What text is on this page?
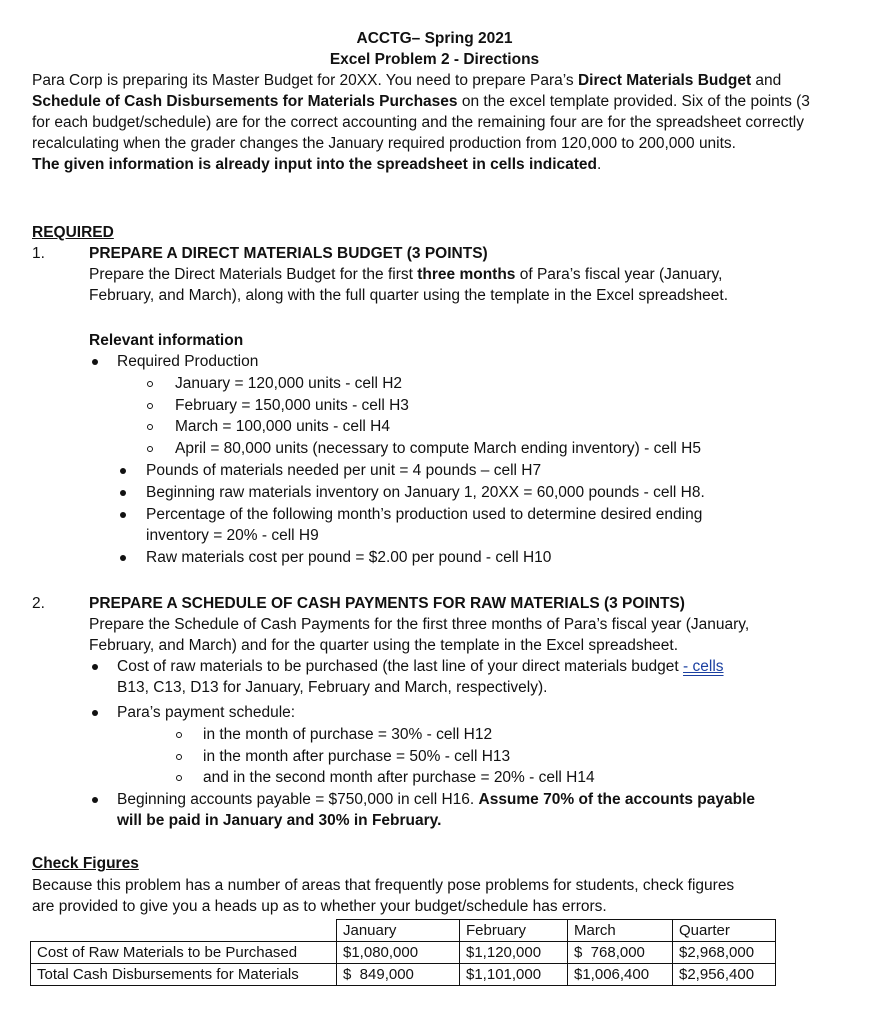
ACCTG– Spring 2021
Excel Problem 2 - Directions
Para Corp is preparing its Master Budget for 20XX. You need to prepare Para’s Direct Materials Budget and Schedule of Cash Disbursements for Materials Purchases on the excel template provided. Six of the points (3 for each budget/schedule) are for the correct accounting and the remaining four are for the spreadsheet correctly recalculating when the grader changes the January required production from 120,000 to 200,000 units.
The given information is already input into the spreadsheet in cells indicated.
REQUIRED
1.	PREPARE A DIRECT MATERIALS BUDGET (3 POINTS)
Prepare the Direct Materials Budget for the first three months of Para’s fiscal year (January,
February, and March), along with the full quarter using the template in the Excel spreadsheet.
Relevant information
Required Production
January = 120,000 units - cell H2
February = 150,000 units - cell H3
March = 100,000 units - cell H4
April = 80,000 units (necessary to compute March ending inventory) - cell H5
Pounds of materials needed per unit = 4 pounds – cell H7
Beginning raw materials inventory on January 1, 20XX = 60,000 pounds - cell H8.
Percentage of the following month’s production used to determine desired ending
inventory = 20% - cell H9
Raw materials cost per pound = $2.00 per pound - cell H10
2.	PREPARE A SCHEDULE OF CASH PAYMENTS FOR RAW MATERIALS (3 POINTS)
Prepare the Schedule of Cash Payments for the first three months of Para’s fiscal year (January,
February, and March) and for the quarter using the template in the Excel spreadsheet.
Cost of raw materials to be purchased (the last line of your direct materials budget - cells
B13, C13, D13 for January, February and March, respectively).
Para’s payment schedule:
in the month of purchase = 30% - cell H12
in the month after purchase = 50% - cell H13
and in the second month after purchase = 20% - cell H14
Beginning accounts payable = $750,000 in cell H16. Assume 70% of the accounts payable
will be paid in January and 30% in February.
Check Figures
Because this problem has a number of areas that frequently pose problems for students, check figures
are provided to give you a heads up as to whether your budget/schedule has errors.
	January	February	March	Quarter
Cost of Raw Materials to be Purchased	$1,080,000	$1,120,000	$  768,000	$2,968,000
Total Cash Disbursements for Materials	$  849,000	$1,101,000	$1,006,400	$2,956,400
